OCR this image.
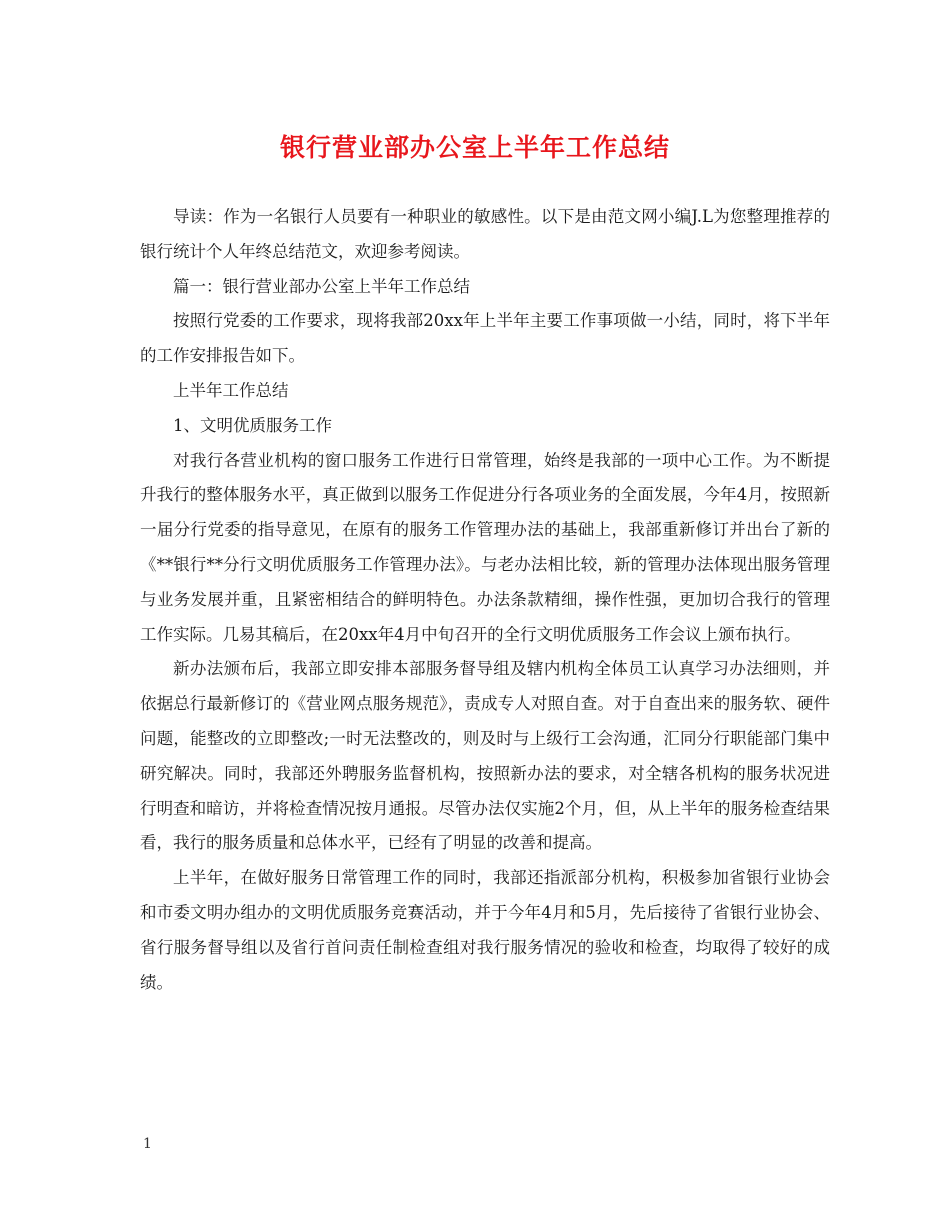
银行营业部办公室上半年工作总结

导读：作为一名银行人员要有一种职业的敏感性。以下是由范文网小编J.L为您整理推荐的银行统计个人年终总结范文，欢迎参考阅读。

篇一：银行营业部办公室上半年工作总结

按照行党委的工作要求，现将我部20xx年上半年主要工作事项做一小结，同时，将下半年的工作安排报告如下。

上半年工作总结

1、文明优质服务工作

对我行各营业机构的窗口服务工作进行日常管理，始终是我部的一项中心工作。为不断提升我行的整体服务水平，真正做到以服务工作促进分行各项业务的全面发展，今年4月，按照新一届分行党委的指导意见，在原有的服务工作管理办法的基础上，我部重新修订并出台了新的《**银行**分行文明优质服务工作管理办法》。与老办法相比较，新的管理办法体现出服务管理与业务发展并重，且紧密相结合的鲜明特色。办法条款精细，操作性强，更加切合我行的管理工作实际。几易其稿后，在20xx年4月中旬召开的全行文明优质服务工作会议上颁布执行。

新办法颁布后，我部立即安排本部服务督导组及辖内机构全体员工认真学习办法细则，并依据总行最新修订的《营业网点服务规范》，责成专人对照自查。对于自查出来的服务软、硬件问题，能整改的立即整改;一时无法整改的，则及时与上级行工会沟通，汇同分行职能部门集中研究解决。同时，我部还外聘服务监督机构，按照新办法的要求，对全辖各机构的服务状况进行明查和暗访，并将检查情况按月通报。尽管办法仅实施2个月，但，从上半年的服务检查结果看，我行的服务质量和总体水平，已经有了明显的改善和提高。

上半年，在做好服务日常管理工作的同时，我部还指派部分机构，积极参加省银行业协会和市委文明办组办的文明优质服务竞赛活动，并于今年4月和5月，先后接待了省银行业协会、省行服务督导组以及省行首问责任制检查组对我行服务情况的验收和检查，均取得了较好的成绩。

1
